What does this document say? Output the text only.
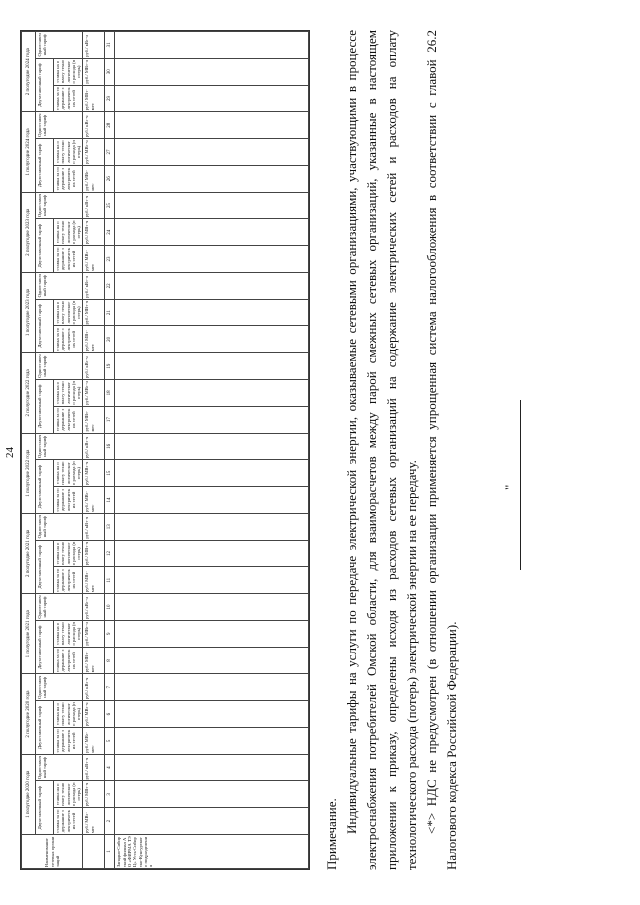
24
Наименование сетевых организаций	1 полугодие 2020 года			2 полугодие 2020 года			1 полугодие 2021 года			2 полугодие 2021 года			1 полугодие 2022 года			2 полугодие 2022 года			1 полугодие 2023 года			2 полугодие 2023 года			1 полугодие 2024 года			2 полугодие 2024 года		
	Двухставочный тариф		Одноставочный тариф	Двухставочный тариф		Одноставочный тариф	Двухставочный тариф		Одноставочный тариф	Двухставочный тариф		Одноставочный тариф	Двухставочный тариф		Одноставочный тариф	Двухставочный тариф		Одноставочный тариф	Двухставочный тариф		Одноставочный тариф	Двухставочный тариф		Одноставочный тариф	Двухставочный тариф		Одноставочный тариф	Двухставочный тариф		Одноставочный тариф
	ставка за содержание электрических сетей	ставка на оплату технологического расхода (потерь)		ставка за содержание электрических сетей	ставка на оплату технологического расхода (потерь)		ставка за содержание электрических сетей	ставка на оплату технологического расхода (потерь)		ставка за содержание электрических сетей	ставка на оплату технологического расхода (потерь)		ставка за содержание электрических сетей	ставка на оплату технологического расхода (потерь)		ставка за содержание электрических сетей	ставка на оплату технологического расхода (потерь)		ставка за содержание электрических сетей	ставка на оплату технологического расхода (потерь)		ставка за содержание электрических сетей	ставка на оплату технологического расхода (потерь)		ставка за содержание электрических сетей	ставка на оплату технологического расхода (потерь)		ставка за содержание электрических сетей	ставка на оплату технологического расхода (потерь)	
	руб./ МВт· мес	руб./ МВт·ч	руб./ кВт·ч	руб./ МВт· мес	руб./ МВт·ч	руб./ кВт·ч	руб./ МВт· мес	руб./ МВт·ч	руб./ кВт·ч	руб./ МВт· мес	руб./ МВт·ч	руб./ кВт·ч	руб./ МВт· мес	руб./ МВт·ч	руб./ кВт·ч	руб./ МВт· мес	руб./ МВт·ч	руб./ кВт·ч	руб./ МВт· мес	руб./ МВт·ч	руб./ кВт·ч	руб./ МВт· мес	руб./ МВт·ч	руб./ кВт·ч	руб./ МВт· мес	руб./ МВт·ч	руб./ кВт·ч	руб./ МВт· мес	руб./ МВт·ч	руб./ кВт·ч
1	2	3	4	5	6	7	8	9	10	11	12	13	14	15	16	17	18	19	20	21	22	23	24	25	26	27	28	29	30	31
Западно-Сибирский филиал АО «ФИРМА ТЭЦ» Усть-Сибирско-Кунгурского подразделения																															Примечание.

Индивидуальные тарифы на услуги по передаче электрической энергии, оказываемые сетевыми организациями, участвующими в процессе электроснабжения потребителей Омской области, для взаиморасчетов между парой смежных сетевых организаций, указанные в настоящем приложении к приказу, определены исходя из расходов сетевых организаций на содержание электрических сетей и расходов на оплату технологического расхода (потерь) электрической энергии на ее передачу. <*> НДС не предусмотрен (в отношении организации применяется упрощенная система налогообложения в соответствии с главой 26.2 Налогового кодекса Российской Федерации).

"
